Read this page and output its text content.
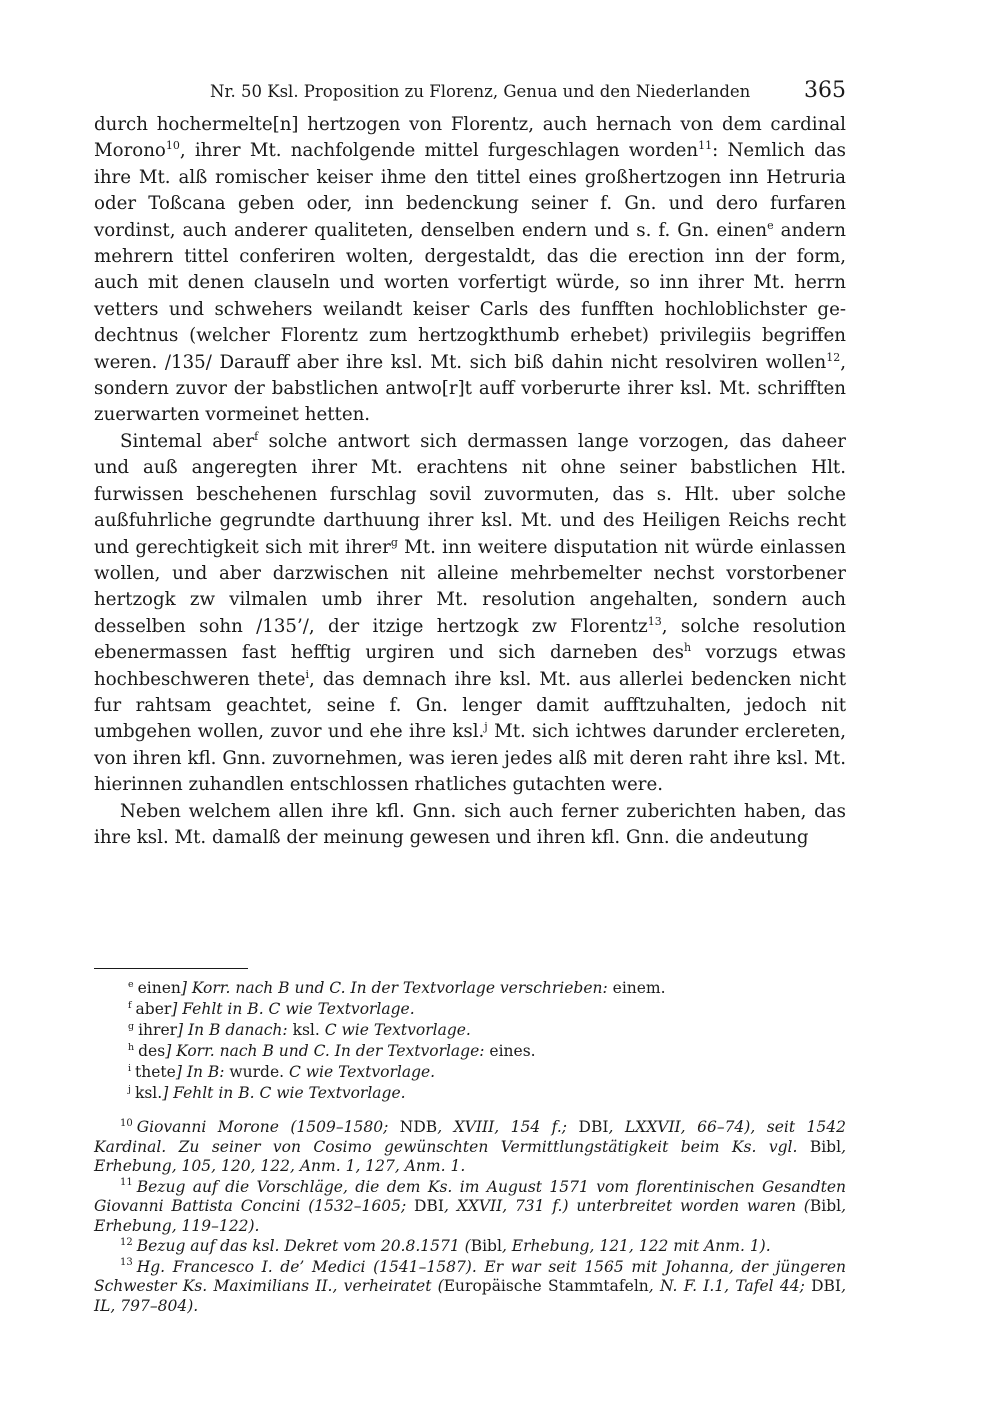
Nr. 50 Ksl. Proposition zu Florenz, Genua und den Niederlanden 365

durch hochermelte[n] hertzogen von Florentz, auch hernach von dem cardinal Morono$^{10}$, ihrer Mt. nachfolgende mittel furgeschlagen worden$^{11}$: Nemlich das ihre Mt. alß romischer keiser ihme den tittel eines großhertzogen inn Hetruria oder Toßcana geben oder, inn bedenckung seiner f. Gn. und dero furfaren vordinst, auch anderer qualiteten, denselben endern und s. f. Gn. einen$^e$ andern mehrern tittel conferiren wolten, dergestaldt, das die erection inn der form, auch mit denen clauseln und worten vorfertigt würde, so inn ihrer Mt. herrn vetters und schwehers weilandt keiser Carls des funfften hochloblichster gedechtnus (welcher Florentz zum hertzogkthumb erhebet) privilegiis begriffen weren. /135/ Darauff aber ihre ksl. Mt. sich biß dahin nicht resolviren wollen$^{12}$, sondern zuvor der babstlichen antwo[r]t auff vorberurte ihrer ksl. Mt. schrifften zuerwarten vormeinet hetten.

Sintemal aber$^f$ solche antwort sich dermassen lange vorzogen, das daheer und auß angeregten ihrer Mt. erachtens nit ohne seiner babstlichen Hlt. furwissen beschehenen furschlag sovil zuvormuten, das s. Hlt. uber solche außfuhrliche gegrundte darthuung ihrer ksl. Mt. und des Heiligen Reichs recht und gerechtigkeit sich mit ihrer$^g$ Mt. inn weitere disputation nit würde einlassen wollen, und aber darzwischen nit alleine mehrbemelter nechst vorstorbener hertzogk zw vilmalen umb ihrer Mt. resolution angehalten, sondern auch desselben sohn /135’/, der itzige hertzogk zw Florentz$^{13}$, solche resolution ebenermassen fast hefftig urgiren und sich darneben des$^h$ vorzugs etwas hochbeschweren thete$^i$, das demnach ihre ksl. Mt. aus allerlei bedencken nicht fur rahtsam geachtet, seine f. Gn. lenger damit aufftzuhalten, jedoch nit umbgehen wollen, zuvor und ehe ihre ksl.$^j$ Mt. sich ichtwes darunder erclereten, von ihren kfl. Gnn. zuvornehmen, was ieren jedes alß mit deren raht ihre ksl. Mt. hierinnen zuhandlen entschlossen rhatliches gutachten were.

Neben welchem allen ihre kfl. Gnn. sich auch ferner zuberichten haben, das ihre ksl. Mt. damalß der meinung gewesen und ihren kfl. Gnn. die andeutung

$^e$ einen] Korr. nach B und C. In der Textvorlage verschrieben: einem.
$^f$ aber] Fehlt in B. C wie Textvorlage.
$^g$ ihrer] In B danach: ksl. C wie Textvorlage.
$^h$ des] Korr. nach B und C. In der Textvorlage: eines.
$^i$ thete] In B: wurde. C wie Textvorlage.
$^j$ ksl.] Fehlt in B. C wie Textvorlage.
$^{10}$ Giovanni Morone (1509–1580; NDB, XVIII, 154 f.; DBI, LXXVII, 66–74), seit 1542 Kardinal. Zu seiner von Cosimo gewünschten Vermittlungstätigkeit beim Ks. vgl. Bibl, Erhebung, 105, 120, 122, Anm. 1, 127, Anm. 1.
$^{11}$ Bezug auf die Vorschläge, die dem Ks. im August 1571 vom florentinischen Gesandten Giovanni Battista Concini (1532–1605; DBI, XXVII, 731 f.) unterbreitet worden waren (Bibl, Erhebung, 119–122).
$^{12}$ Bezug auf das ksl. Dekret vom 20.8.1571 (Bibl, Erhebung, 121, 122 mit Anm. 1).
$^{13}$ Hg. Francesco I. de’ Medici (1541–1587). Er war seit 1565 mit Johanna, der jüngeren Schwester Ks. Maximilians II., verheiratet (Europäische Stammtafeln, N. F. I.1, Tafel 44; DBI, IL, 797–804).
